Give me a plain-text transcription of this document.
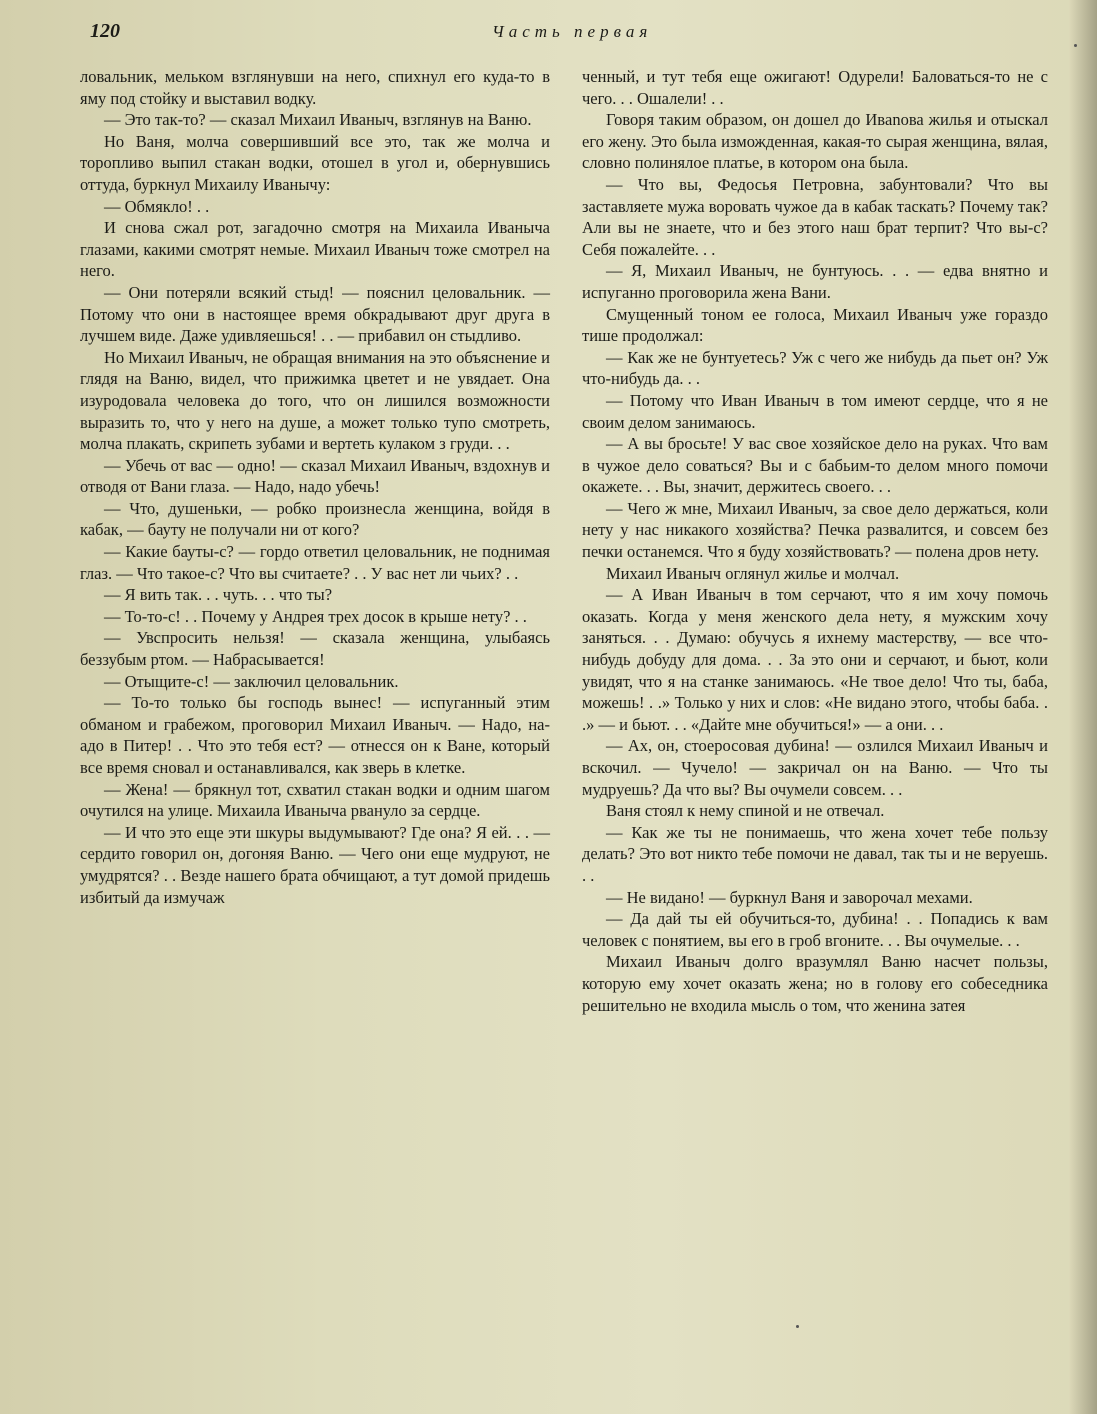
120	Часть первая

ловальник, мельком взглянувши на него, спихнул его куда-то в яму под стойку и выставил водку.

— Это так-то? — сказал Михаил Иваныч, взглянув на Ваню.

Но Ваня, молча совершивший все это, так же молча и торопливо выпил стакан водки, отошел в угол и, обернувшись оттуда, буркнул Михаилу Иванычу:

— Обмякло! . .

И снова сжал рот, загадочно смотря на Михаила Иваныча глазами, какими смотрят немые. Михаил Иваныч тоже смотрел на него.

— Они потеряли всякий стыд! — пояснил целовальник. — Потому что они в настоящее время обкрадывают друг друга в лучшем виде. Даже удивляешься! . . — прибавил он стыдливо.

Но Михаил Иваныч, не обращая внимания на это объяснение и глядя на Ваню, видел, что прижимка цветет и не увядает. Она изуродовала человека до того, что он лишился возможности выразить то, что у него на душе, а может только тупо смотреть, молча плакать, скрипеть зубами и вертеть кулаком з груди. . .

— Убечь от вас — одно! — сказал Михаил Иваныч, вздохнув и отводя от Вани глаза. — Надо, надо убечь!

— Что, душеньки, — робко произнесла женщина, войдя в кабак, — бауту не получали ни от кого?

— Какие бауты-с? — гордо ответил целовальник, не поднимая глаз. — Что такое-с? Что вы считаете? . . У вас нет ли чьих? . .

— Я вить так. . . чуть. . . что ты?

— То-то-с! . . Почему у Андрея трех досок в крыше нету? . .

— Увспросить нельзя! — сказала женщина, улыбаясь беззубым ртом. — Набрасывается!

— Отыщите-с! — заключил целовальник.

— То-то только бы господь вынес! — испуганный этим обманом и грабежом, проговорил Михаил Иваныч. — Надо, на-адо в Питер! . . Что это тебя ест? — отнесся он к Ване, который все время сновал и останавливался, как зверь в клетке.

— Жена! — брякнул тот, схватил стакан водки и одним шагом очутился на улице. Михаила Иваныча рвануло за сердце.

— И что это еще эти шкуры выдумывают? Где она? Я ей. . . — сердито говорил он, догоняя Ваню. — Чего они еще мудруют, не умудрятся? . . Везде нашего брата обчищают, а тут домой придешь избитый да измучаж

ченный, и тут тебя еще ожигают! Одурели! Баловаться-то не с чего. . . Ошалели! . .

Говоря таким образом, он дошел до Ивanова жилья и отыскал его жену. Это была изможденная, какая-то сырая женщина, вялая, словно полинялое платье, в котором она была.

— Что вы, Федосья Петровна, забунтовали? Что вы заставляете мужа воровать чужое да в кабак таскать? Почему так? Али вы не знаете, что и без этого наш брат терпит? Что вы-с? Себя пожалейте. . .

— Я, Михаил Иваныч, не бунтуюсь. . . — едва внятно и испуганно проговорила жена Вани.

Смущенный тоном ее голоса, Михаил Иваныч уже гораздо тише продолжал:

— Как же не бунтуетесь? Уж с чего же нибудь да пьет он? Уж что-нибудь да. . .

— Потому что Иван Иваныч в том имеют сердце, что я не своим делом занимаюсь.

— А вы бросьте! У вас свое хозяйское дело на руках. Что вам в чужое дело соваться? Вы и с бабьим-то делом много помочи окажете. . . Вы, значит, держитесь своего. . .

— Чего ж мне, Михаил Иваныч, за свое дело держаться, коли нету у нас никакого хозяйства? Печка развалится, и совсем без печки останемся. Что я буду хозяйствовать? — полена дров нету.

Михаил Иваныч оглянул жилье и молчал.

— А Иван Иваныч в том серчают, что я им хочу помочь оказать. Когда у меня женского дела нету, я мужским хочу заняться. . . Думаю: обучусь я ихнему мастерству, — все что-нибудь добуду для дома. . . За это они и серчают, и бьют, коли увидят, что я на станке занимаюсь. «Не твое дело! Что ты, баба, можешь! . .» Только у них и слов: «Не видано этого, чтобы баба. . .» — и бьют. . . «Дайте мне обучиться!» — а они. . .

— Ах, он, стоеросовая дубина! — озлился Михаил Иваныч и вскочил. — Чучело! — закричал он на Ваню. — Что ты мудруешь? Да что вы? Вы очумели совсем. . .

Ваня стоял к нему спиной и не отвечал.

— Как же ты не понимаешь, что жена хочет тебе пользу делать? Это вот никто тебе помочи не давал, так ты и не веруешь. . .

— Не видано! — буркнул Ваня и заворочал мехами.

— Да дай ты ей обучиться-то, дубина! . . Попадись к вам человек с понятием, вы его в гроб вгоните. . . Вы очумелые. . .

Михаил Иваныч долго вразумлял Ваню насчет пользы, которую ему хочет оказать жена; но в голову его собеседника решительно не входила мысль о том, что женина затея
